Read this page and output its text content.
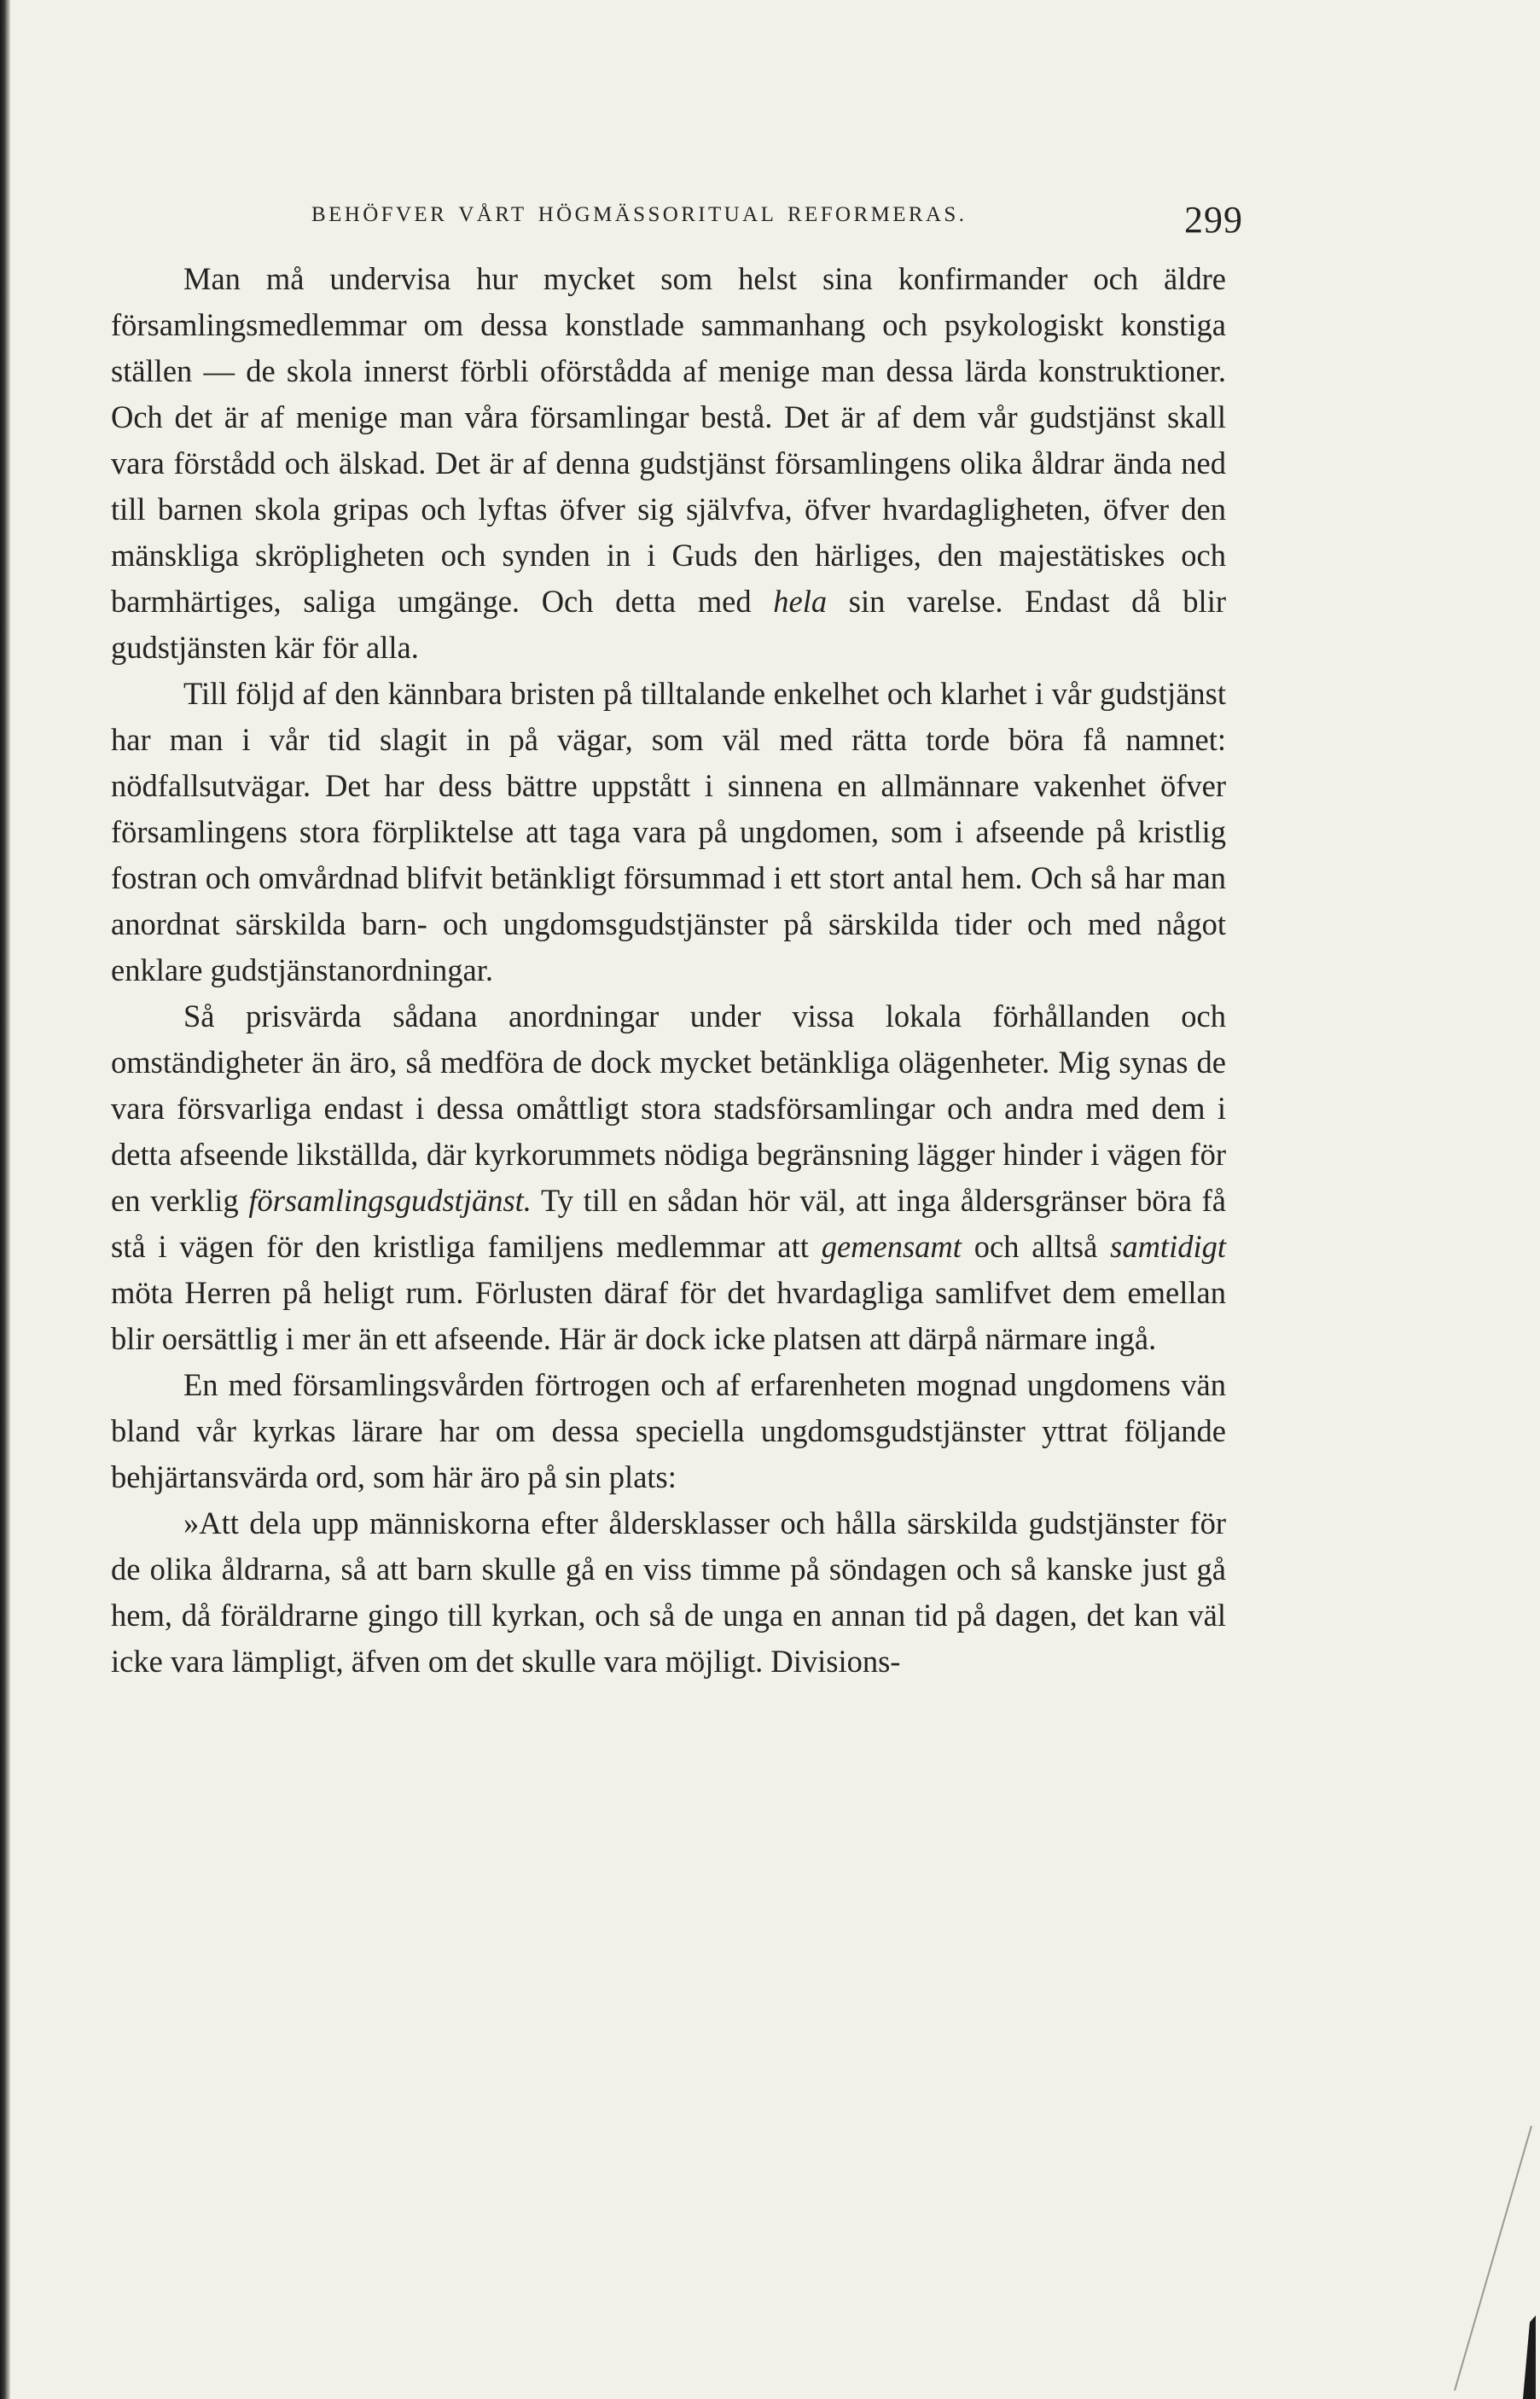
BEHÖFVER VÅRT HÖGMÄSSORITUAL REFORMERAS.	299

Man må undervisa hur mycket som helst sina konfirmander och äldre församlingsmedlemmar om dessa konstlade sammanhang och psykologiskt konstiga ställen — de skola innerst förbli oförstådda af menige man dessa lärda konstruktioner. Och det är af menige man våra församlingar bestå. Det är af dem vår gudstjänst skall vara förstådd och älskad. Det är af denna gudstjänst församlingens olika åldrar ända ned till barnen skola gripas och lyftas öfver sig självfva, öfver hvardagligheten, öfver den mänskliga skröpligheten och synden in i Guds den härliges, den majestätiskes och barmhärtiges, saliga umgänge. Och detta med hela sin varelse. Endast då blir gudstjänsten kär för alla.

Till följd af den kännbara bristen på tilltalande enkelhet och klarhet i vår gudstjänst har man i vår tid slagit in på vägar, som väl med rätta torde böra få namnet: nödfallsutvägar. Det har dess bättre uppstått i sinnena en allmännare vakenhet öfver församlingens stora förpliktelse att taga vara på ungdomen, som i afseende på kristlig fostran och omvårdnad blifvit betänkligt försummad i ett stort antal hem. Och så har man anordnat särskilda barn- och ungdomsgudstjänster på särskilda tider och med något enklare gudstjänstanordningar.

Så prisvärda sådana anordningar under vissa lokala förhållanden och omständigheter än äro, så medföra de dock mycket betänkliga olägenheter. Mig synas de vara försvarliga endast i dessa omåttligt stora stadsförsamlingar och andra med dem i detta afseende likställda, där kyrkorummets nödiga begränsning lägger hinder i vägen för en verklig församlingsgudstjänst. Ty till en sådan hör väl, att inga åldersgränser böra få stå i vägen för den kristliga familjens medlemmar att gemensamt och alltså samtidigt möta Herren på heligt rum. Förlusten däraf för det hvardagliga samlifvet dem emellan blir oersättlig i mer än ett afseende. Här är dock icke platsen att därpå närmare ingå.

En med församlingsvården förtrogen och af erfarenheten mognad ungdomens vän bland vår kyrkas lärare har om dessa speciella ungdomsgudstjänster yttrat följande behjärtansvärda ord, som här äro på sin plats:

»Att dela upp människorna efter åldersklasser och hålla särskilda gudstjänster för de olika åldrarna, så att barn skulle gå en viss timme på söndagen och så kanske just gå hem, då föräldrarne gingo till kyrkan, och så de unga en annan tid på dagen, det kan väl icke vara lämpligt, äfven om det skulle vara möjligt. Divisions-
